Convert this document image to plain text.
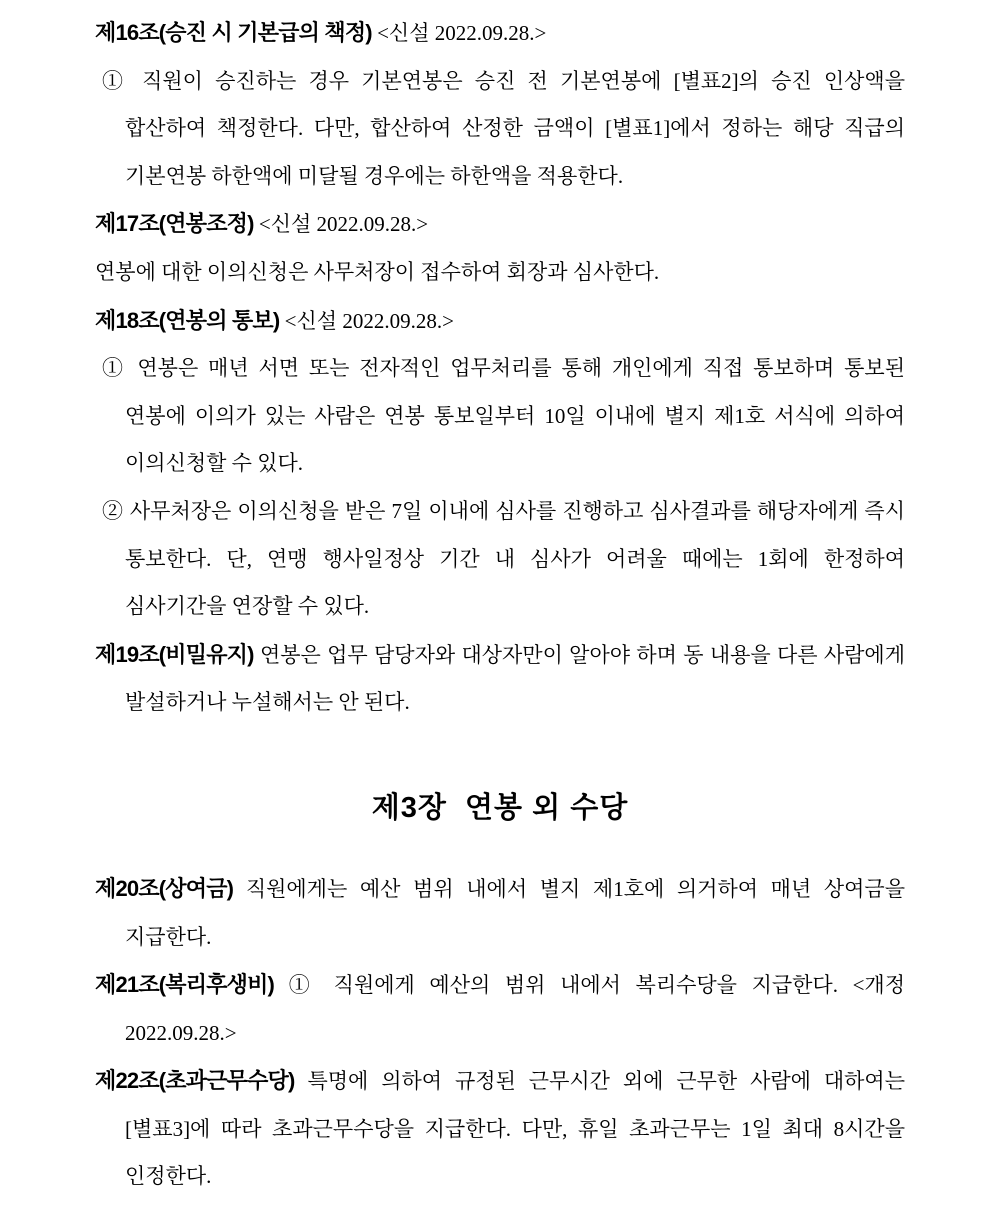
제16조(승진 시 기본급의 책정) <신설 2022.09.28.>

① 직원이 승진하는 경우 기본연봉은 승진 전 기본연봉에 [별표2]의 승진 인상액을 합산하여 책정한다. 다만, 합산하여 산정한 금액이 [별표1]에서 정하는 해당 직급의 기본연봉 하한액에 미달될 경우에는 하한액을 적용한다.

제17조(연봉조정) <신설 2022.09.28.>

연봉에 대한 이의신청은 사무처장이 접수하여 회장과 심사한다.

제18조(연봉의 통보) <신설 2022.09.28.>

① 연봉은 매년 서면 또는 전자적인 업무처리를 통해 개인에게 직접 통보하며 통보된 연봉에 이의가 있는 사람은 연봉 통보일부터 10일 이내에 별지 제1호 서식에 의하여 이의신청할 수 있다.

② 사무처장은 이의신청을 받은 7일 이내에 심사를 진행하고 심사결과를 해당자에게 즉시 통보한다. 단, 연맹 행사일정상 기간 내 심사가 어려울 때에는 1회에 한정하여 심사기간을 연장할 수 있다.

제19조(비밀유지) 연봉은 업무 담당자와 대상자만이 알아야 하며 동 내용을 다른 사람에게 발설하거나 누설해서는 안 된다.

제3장  연봉 외 수당

제20조(상여금) 직원에게는 예산 범위 내에서 별지 제1호에 의거하여 매년 상여금을 지급한다.

제21조(복리후생비) ① 직원에게 예산의 범위 내에서 복리수당을 지급한다. <개정 2022.09.28.>

제22조(초과근무수당) 특명에 의하여 규정된 근무시간 외에 근무한 사람에 대하여는 [별표3]에 따라 초과근무수당을 지급한다. 다만, 휴일 초과근무는 1일 최대 8시간을 인정한다.
